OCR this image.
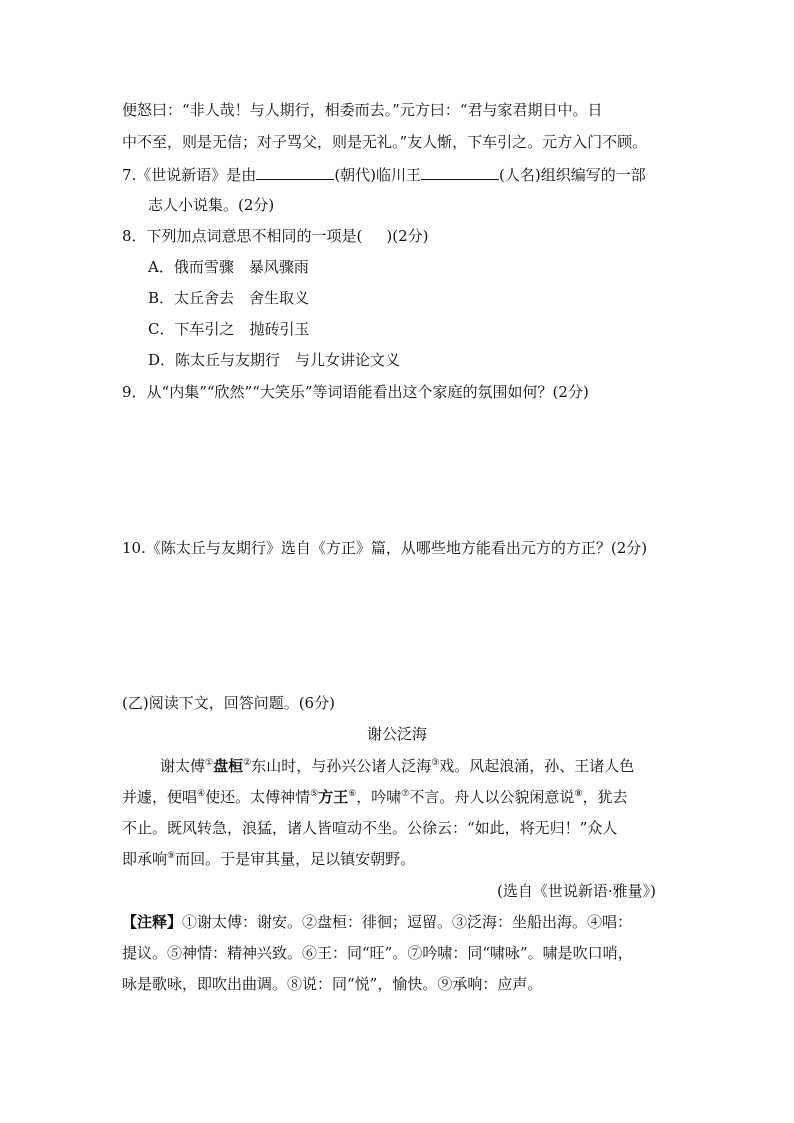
便怒曰：“非人哉！与人期行，相委而去。”元方曰：“君与家君期日中。日
中不至，则是无信；对子骂父，则是无礼。”友人惭，下车引之。元方入门不顾。
7.《世说新语》是由	(朝代)临川王	(人名)组织编写的一部
志人小说集。(2分)
8．下列加点词意思不相同的一项是( )(2分)
A．俄而雪骤　暴风骤雨
B．太丘舍去　舍生取义
C．下车引之　抛砖引玉
D．陈太丘与友期行　与儿女讲论文义
9．从“内集”“欣然”“大笑乐”等词语能看出这个家庭的氛围如何？(2分)
10.《陈太丘与友期行》选自《方正》篇，从哪些地方能看出元方的方正？(2分)
(乙)阅读下文，回答问题。(6分)
谢公泛海
谢太傅①盘桓②东山时，与孙兴公诸人泛海③戏。风起浪涌，孙、王诸人色
并遽，便唱④使还。太傅神情⑤方王⑥，吟啸⑦不言。舟人以公貌闲意说⑧，犹去
不止。既风转急，浪猛，诸人皆喧动不坐。公徐云：“如此，将无归！”众人
即承响⑨而回。于是审其量，足以镇安朝野。
(选自《世说新语·雅量》)
【注释】①谢太傅：谢安。②盘桓：徘徊；逗留。③泛海：坐船出海。④唱：
提议。⑤神情：精神兴致。⑥王：同“旺”。⑦吟啸：同“啸咏”。啸是吹口哨，
咏是歌咏，即吹出曲调。⑧说：同“悦”，愉快。⑨承响：应声。
